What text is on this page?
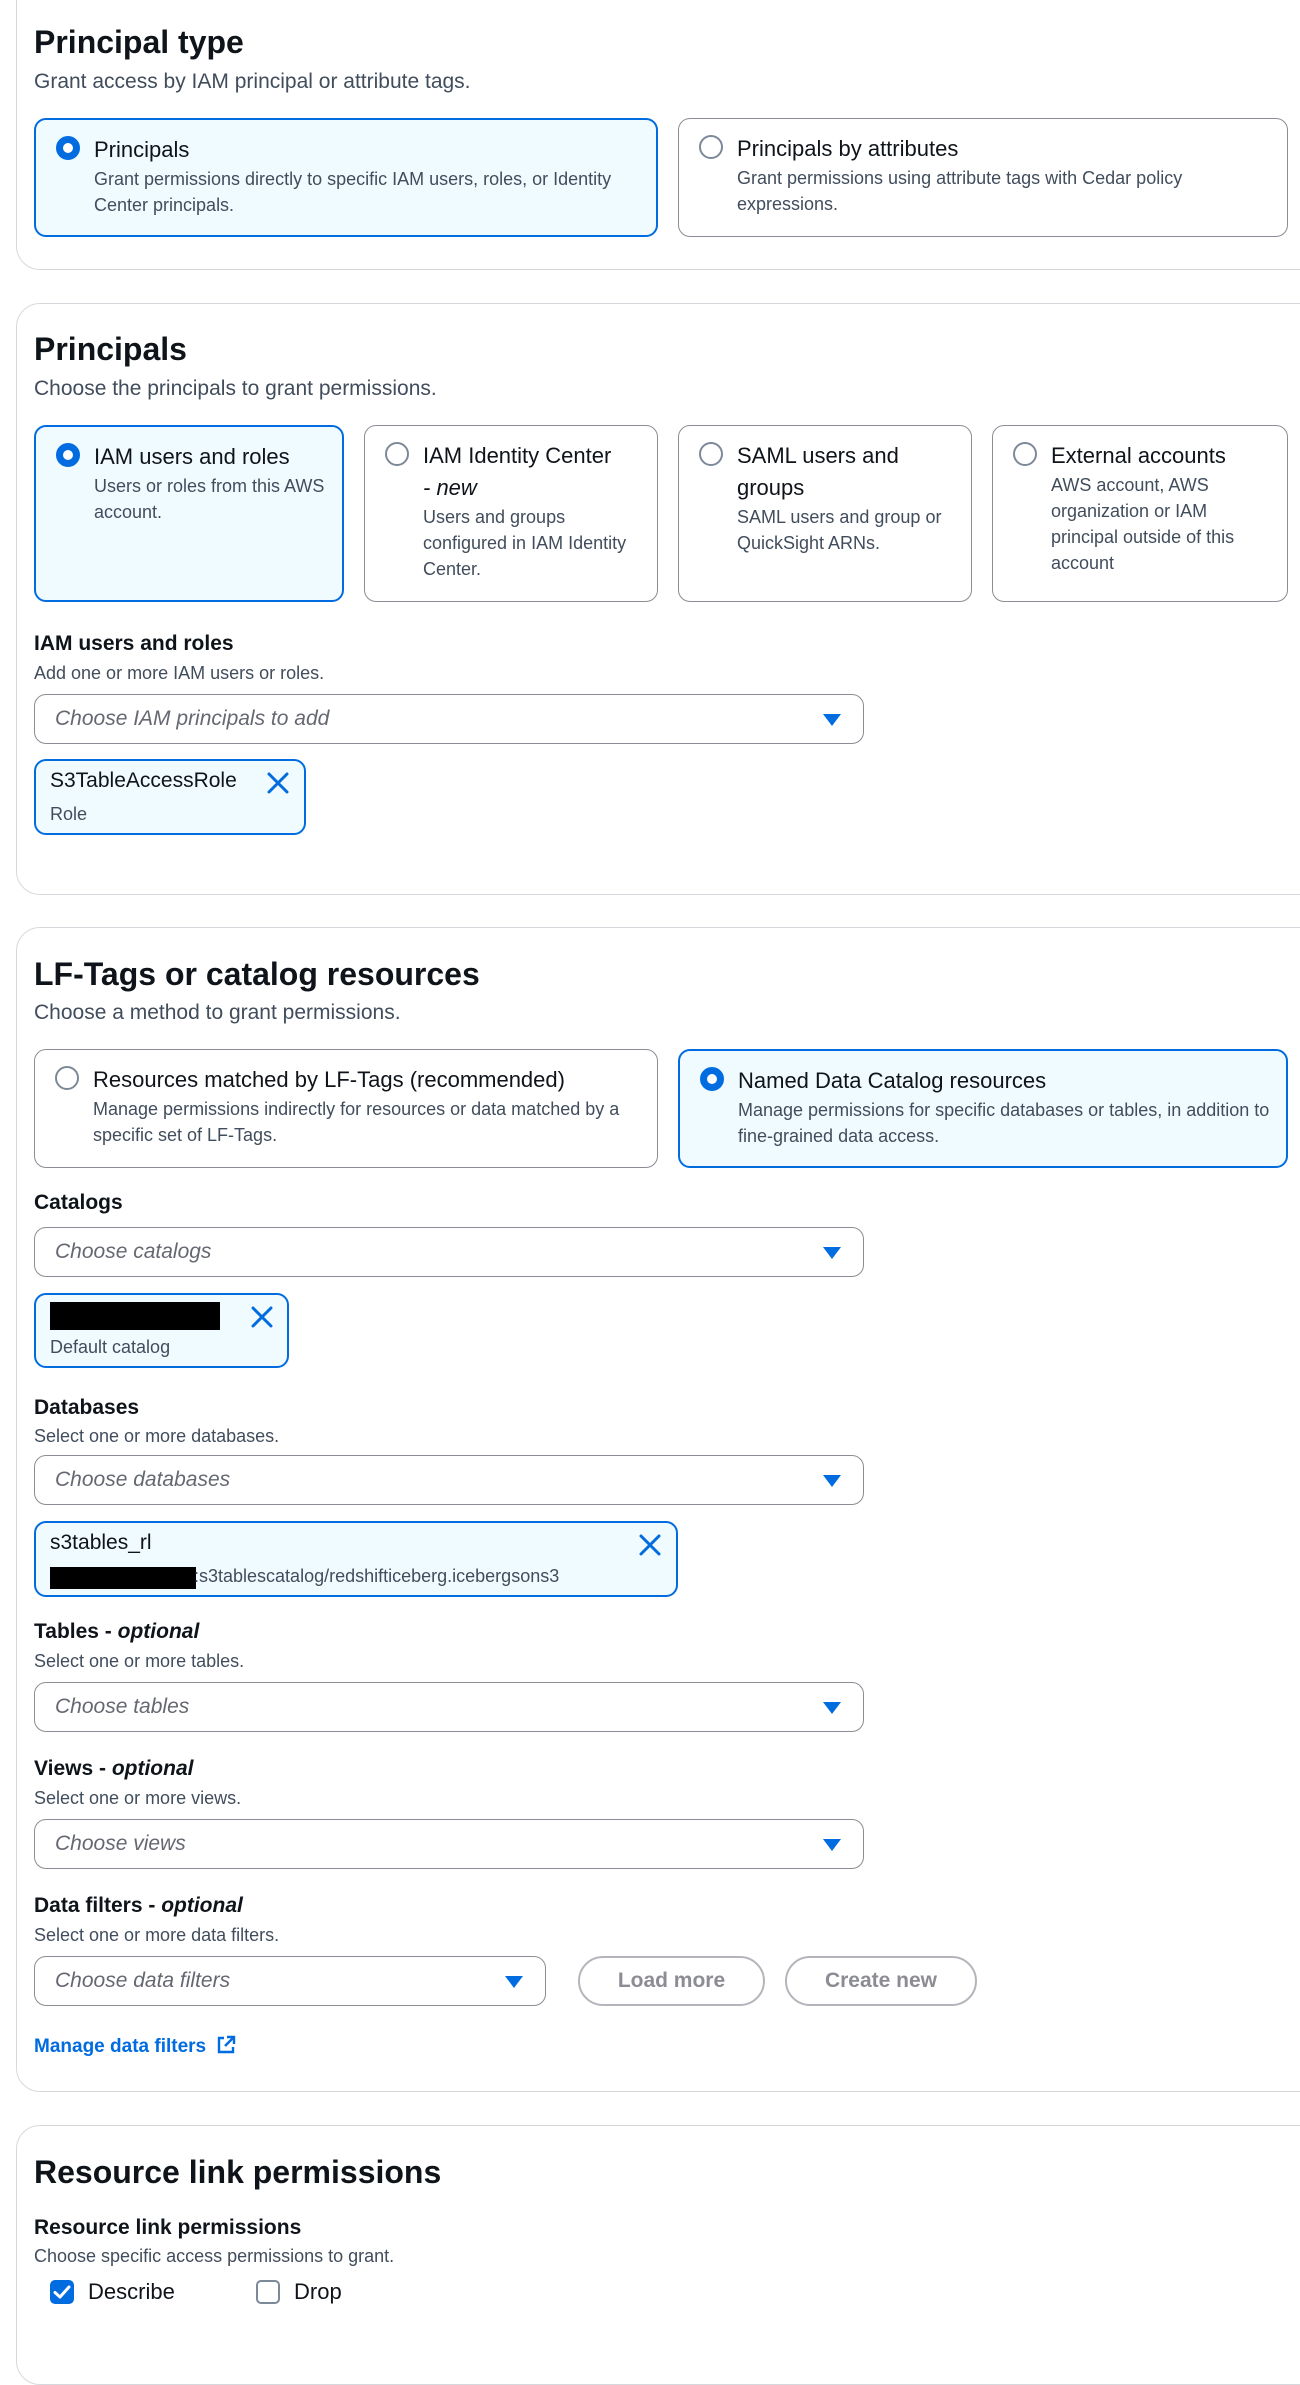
Principal type
Grant access by IAM principal or attribute tags.
Principals
Grant permissions directly to specific IAM users, roles, or Identity Center principals.
Principals by attributes
Grant permissions using attribute tags with Cedar policy expressions.
Principals
Choose the principals to grant permissions.
IAM users and roles
Users or roles from this AWS account.
IAM Identity Center
- new
Users and groups configured in IAM Identity Center.
SAML users and groups
SAML users and group or QuickSight ARNs.
External accounts
AWS account, AWS organization or IAM principal outside of this account
IAM users and roles
Add one or more IAM users or roles.
Choose IAM principals to add
S3TableAccessRole
Role
LF-Tags or catalog resources
Choose a method to grant permissions.
Resources matched by LF-Tags (recommended)
Manage permissions indirectly for resources or data matched by a specific set of LF-Tags.
Named Data Catalog resources
Manage permissions for specific databases or tables, in addition to fine-grained data access.
Catalogs
Choose catalogs
Default catalog
Databases
Select one or more databases.
Choose databases
s3tables_rl
:s3tablescatalog/redshifticeberg.icebergsons3
Tables - optional
Select one or more tables.
Choose tables
Views - optional
Select one or more views.
Choose views
Data filters - optional
Select one or more data filters.
Choose data filters	Load more	Create new
Manage data filters
Resource link permissions
Resource link permissions
Choose specific access permissions to grant.
Describe	Drop
